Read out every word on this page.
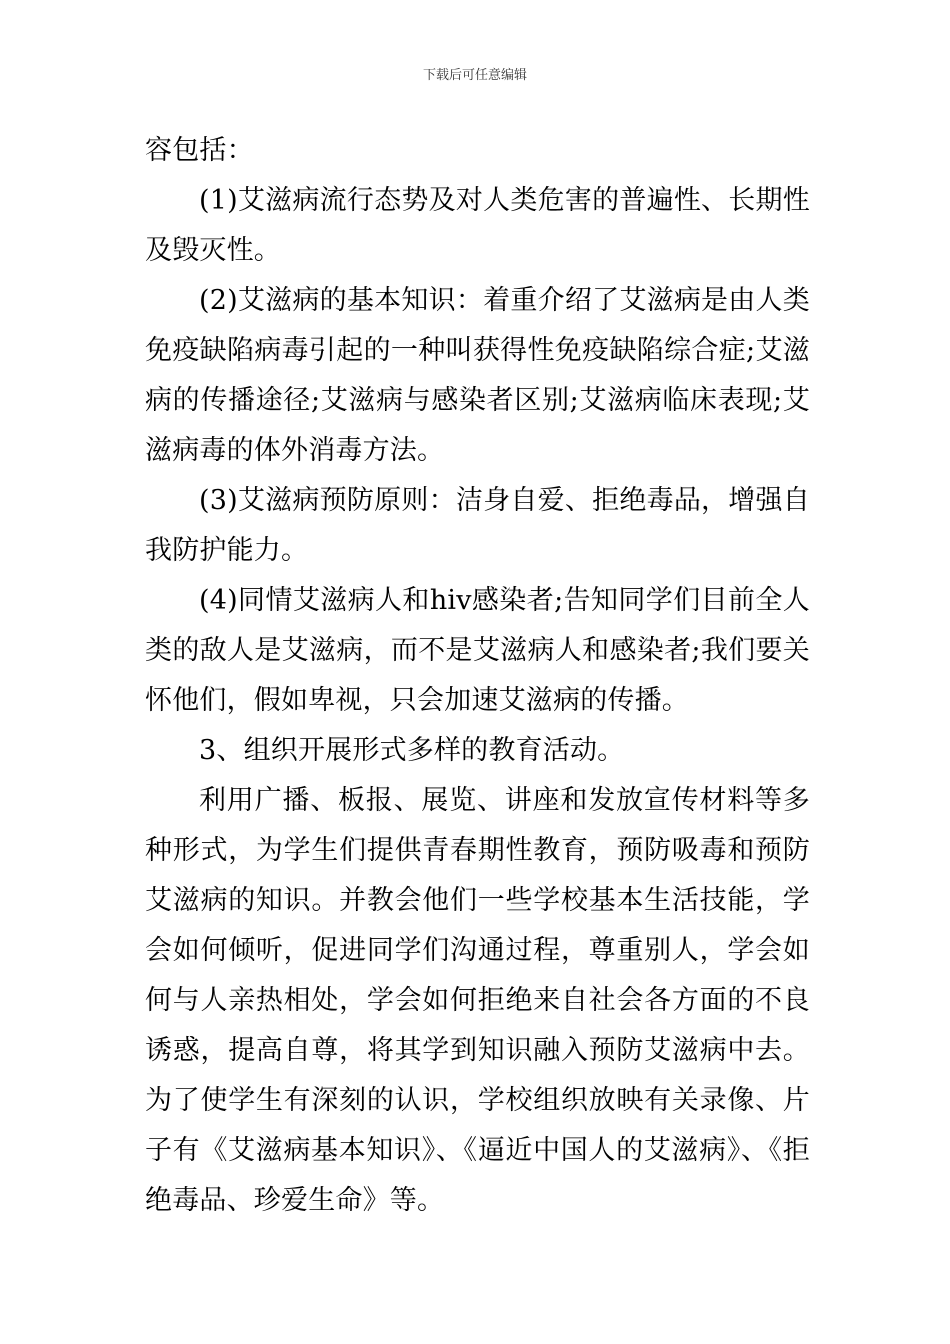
下载后可任意编辑

容包括：

(1)艾滋病流行态势及对人类危害的普遍性、长期性及毁灭性。

(2)艾滋病的基本知识：着重介绍了艾滋病是由人类免疫缺陷病毒引起的一种叫获得性免疫缺陷综合症;艾滋病的传播途径;艾滋病与感染者区别;艾滋病临床表现;艾滋病毒的体外消毒方法。

(3)艾滋病预防原则：洁身自爱、拒绝毒品，增强自我防护能力。

(4)同情艾滋病人和hiv感染者;告知同学们目前全人类的敌人是艾滋病，而不是艾滋病人和感染者;我们要关怀他们，假如卑视，只会加速艾滋病的传播。

3、组织开展形式多样的教育活动。

利用广播、板报、展览、讲座和发放宣传材料等多种形式，为学生们提供青春期性教育，预防吸毒和预防艾滋病的知识。并教会他们一些学校基本生活技能，学会如何倾听，促进同学们沟通过程，尊重别人，学会如何与人亲热相处，学会如何拒绝来自社会各方面的不良诱惑，提高自尊，将其学到知识融入预防艾滋病中去。为了使学生有深刻的认识，学校组织放映有关录像、片子有《艾滋病基本知识》、《逼近中国人的艾滋病》、《拒绝毒品、珍爱生命》等。
